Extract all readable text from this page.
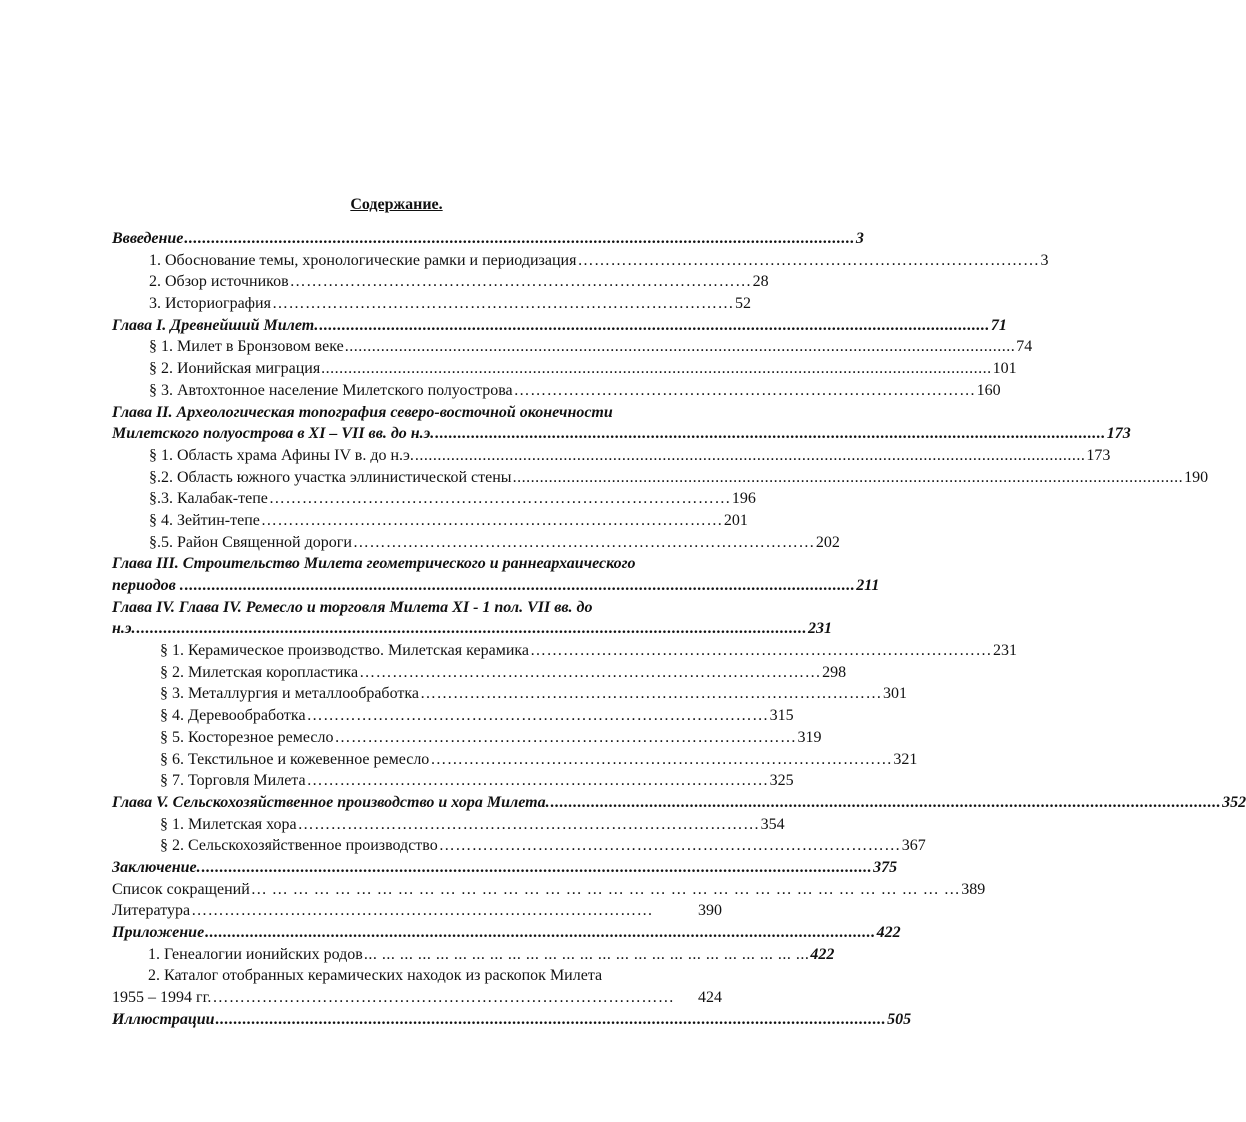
Содержание.
Ввведение ..................................................................................................................................................... 3
1. Обоснование темы, хронологические рамки и периодизация ………………………………………………………………………… 3
2. Обзор источников ………………………………………………………………………… 28
3. Историография ………………………………………………………………………… 52
Глава I. Древнейший Милет. ..................................................................................................................................................... 71
§ 1. Милет в Бронзовом веке ..................................................................................................................................................... 74
§ 2. Ионийская миграция ..................................................................................................................................................... 101
§ 3. Автохтонное население Милетского полуострова ………………………………………………………………………… 160
Глава II. Археологическая топография северо-восточной оконечности
Милетского полуострова в XI – VII вв. до н.э. ..................................................................................................................................................... 173
§ 1. Область храма Афины IV в. до н.э. ..................................................................................................................................................... 173
§.2. Область южного участка эллинистической стены ..................................................................................................................................................... 190
§.3. Калабак-тепе ………………………………………………………………………… 196
§ 4. Зейтин-тепе ………………………………………………………………………… 201
§.5. Район Священной дороги ………………………………………………………………………… 202
Глава III. Строительство Милета геометрического и раннеархаического
периодов . ..................................................................................................................................................... 211
Глава IV. Глава IV. Ремесло и торговля Милета XI - 1 пол. VII вв. до
н.э. ..................................................................................................................................................... 231
§ 1. Керамическое производство. Милетская керамика ………………………………………………………………………… 231
§ 2. Милетская коропластика ………………………………………………………………………… 298
§ 3. Металлургия и металлообработка ………………………………………………………………………… 301
§ 4. Деревообработка ………………………………………………………………………… 315
§ 5. Косторезное ремесло ………………………………………………………………………… 319
§ 6. Текстильное и кожевенное ремесло ………………………………………………………………………… 321
§ 7. Торговля Милета ………………………………………………………………………… 325
Глава V. Сельскохозяйственное производство и хора Милета. ..................................................................................................................................................... 352
§ 1. Милетская хора ………………………………………………………………………… 354
§ 2. Сельскохозяйственное производство ………………………………………………………………………… 367
Заключение. ..................................................................................................................................................... 375
Список сокращений … … … … … … … … … … … … … … … … … … … … … … … … … … … … … … … … … … 389
Литература …………………………………………………………………………	390
Приложение ..................................................................................................................................................... 422
1. Генеалогии ионийских родов ... ... ... ... ... ... ... ... ... ... ... ... ... ... ... ... ... ... ... ... ... ... ... ... ... 422
2. Каталог отобранных керамических находок из раскопок Милета
1955 – 1994 гг. …………………………………………………………………………	424
Иллюстрации ..................................................................................................................................................... 505
